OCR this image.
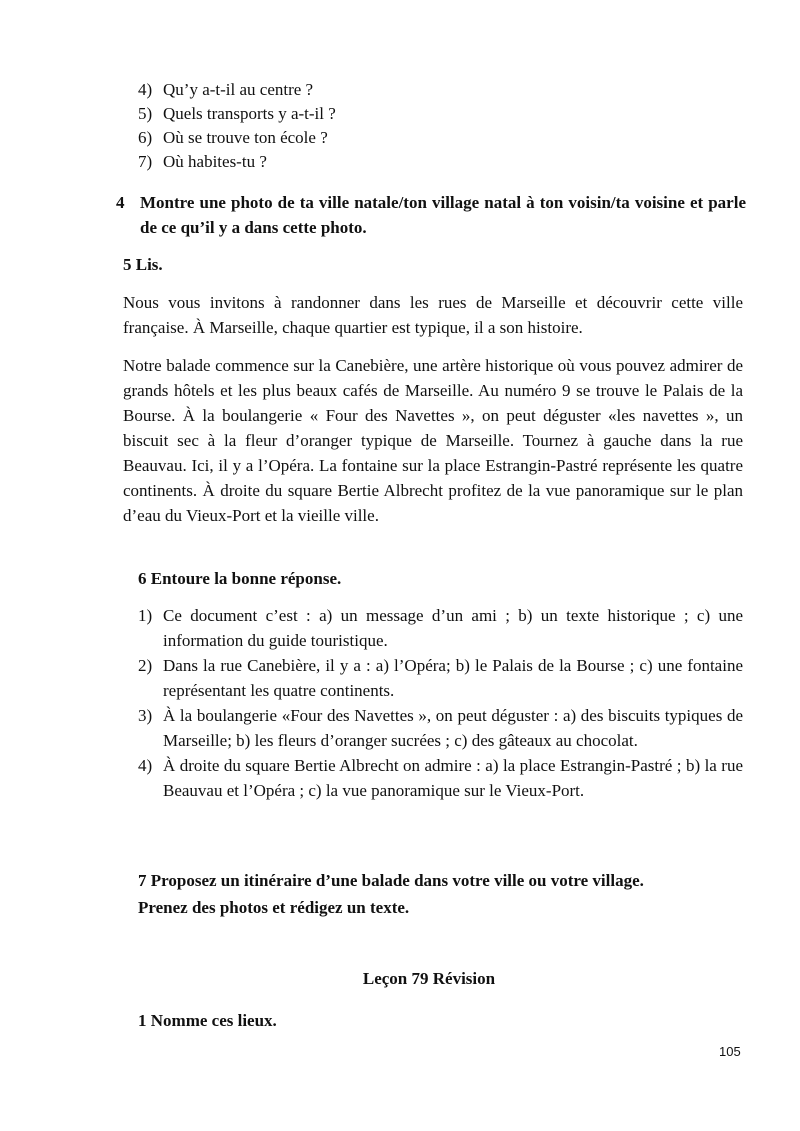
4) Qu’y a-t-il au centre ?
5) Quels transports y a-t-il ?
6) Où se trouve ton école ?
7) Où habites-tu ?
4 Montre une photo de ta ville natale/ton village natal à ton voisin/ta voisine et parle de ce qu’il y a dans cette photo.
5 Lis.

Nous vous invitons à randonner dans les rues de Marseille et découvrir cette ville française. À Marseille, chaque quartier est typique, il a son histoire.

Notre balade commence sur la Canebière, une artère historique où vous pouvez admirer de grands hôtels et les plus beaux cafés de Marseille. Au numéro 9 se trouve le Palais de la Bourse. À la boulangerie « Four des Navettes », on peut déguster «les navettes », un biscuit sec à la fleur d’oranger typique de Marseille. Tournez à gauche dans la rue Beauvau. Ici, il y a l’Opéra. La fontaine sur la place Estrangin-Pastré représente les quatre continents. À droite du square Bertie Albrecht profitez de la vue panoramique sur le plan d’eau du Vieux-Port et la vieille ville.

6 Entoure la bonne réponse.
1) Ce document c’est : a) un message d’un ami ; b) un texte historique ; c) une information du guide touristique.
2) Dans la rue Canebière, il y a : a) l’Opéra; b) le Palais de la Bourse ; c) une fontaine représentant les quatre continents.
3) À la boulangerie «Four des Navettes », on peut déguster : a) des biscuits typiques de Marseille; b) les fleurs d’oranger sucrées ; c) des gâteaux au chocolat.
4) À droite du square Bertie Albrecht on admire : a) la place Estrangin-Pastré ; b) la rue Beauvau et l’Opéra ; c) la vue panoramique sur le Vieux-Port.
7 Proposez un itinéraire d’une balade dans votre ville ou votre village.
Prenez des photos et rédigez un texte.
Leçon 79 Révision
1 Nomme ces lieux.
105
